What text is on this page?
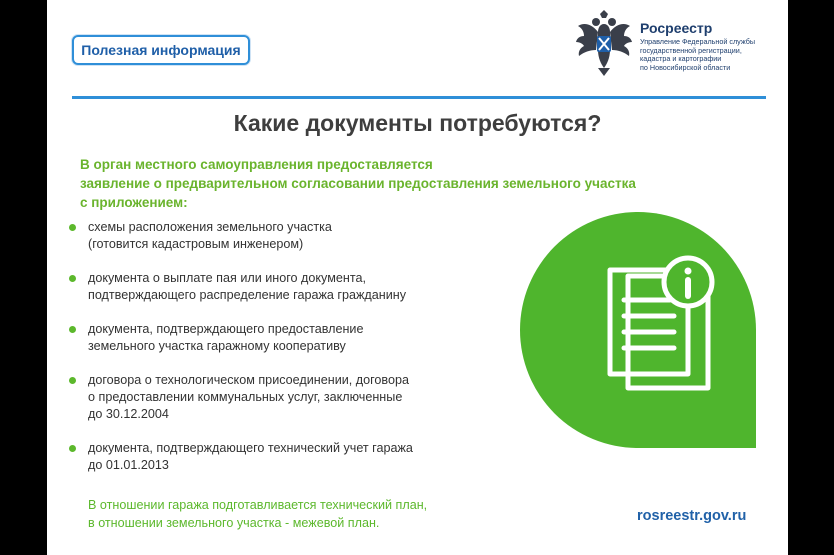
Полезная информация
Росреестр
Управление Федеральной службы
государственной регистрации,
кадастра и картографии
по Новосибирской области
Какие документы потребуются?
В орган местного самоуправления предоставляется
заявление о предварительном согласовании предоставления земельного участка
с приложением:
схемы расположения земельного участка
(готовится кадастровым инженером)
документа о выплате пая или иного документа,
подтверждающего распределение гаража гражданину
документа, подтверждающего предоставление
земельного участка гаражному кооперативу
договора о технологическом присоединении, договора
о предоставлении коммунальных услуг, заключенные
до 30.12.2004
документа, подтверждающего технический учет гаража
до 01.01.2013
В отношении гаража подготавливается технический план,
в отношении земельного участка - межевой план.	rosreestr.gov.ru
